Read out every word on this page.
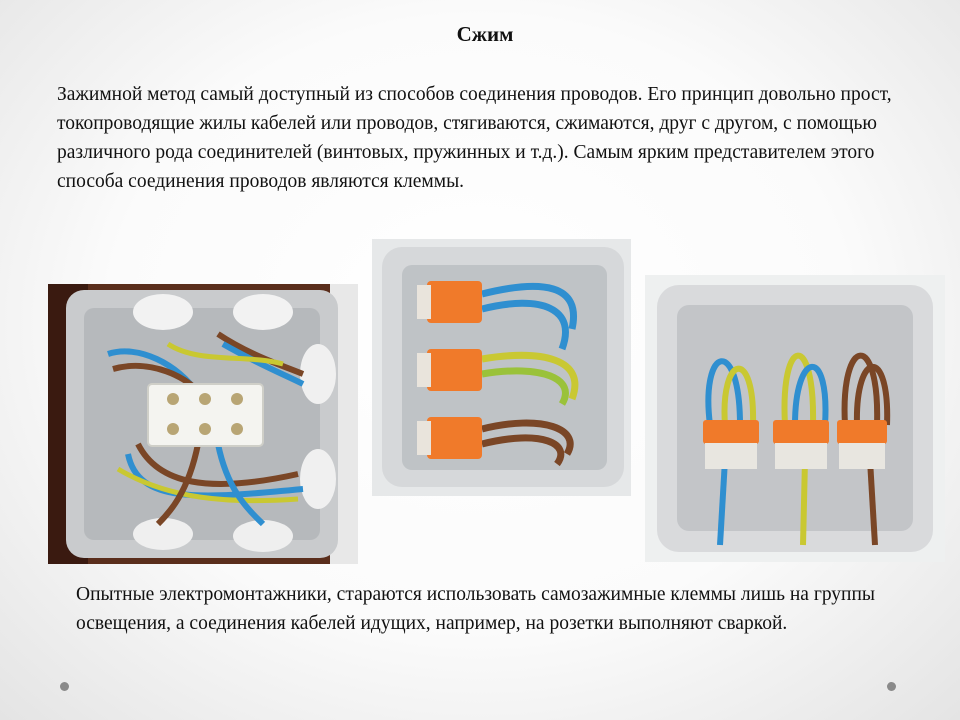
Сжим
Зажимной метод самый доступный из способов соединения проводов. Его принцип довольно прост, токопроводящие жилы кабелей или проводов, стягиваются, сжимаются, друг с другом, с помощью различного рода соединителей (винтовых, пружинных и т.д.). Самым ярким представителем этого способа соединения проводов являются клеммы.
Опытные электромонтажники, стараются использовать самозажимные клеммы лишь на группы освещения, а соединения кабелей идущих, например, на розетки выполняют сваркой.
